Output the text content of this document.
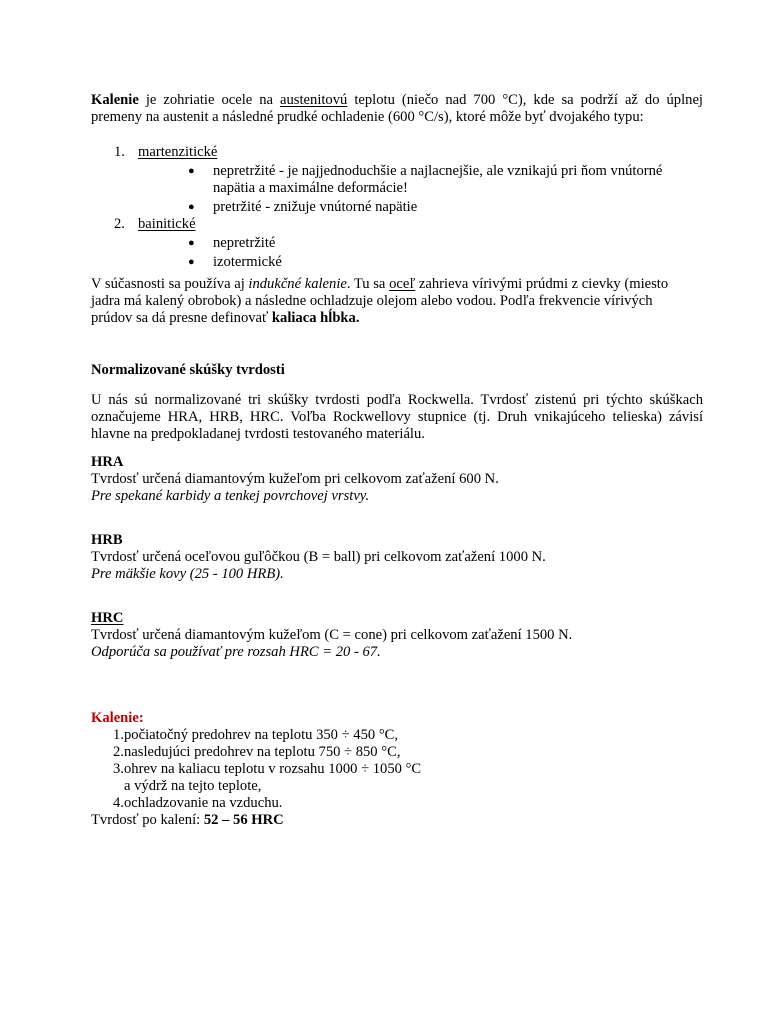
Kalenie je zohriatie ocele na austenitovú teplotu (niečo nad 700 °C), kde sa podrží až do úplnej premeny na austenit a následné prudké ochladenie (600 °C/s), ktoré môže byť dvojakého typu:
1. martenzitické
● nepretržité - je najjednoduchšie a najlacnejšie, ale vznikajú pri ňom vnútorné napätia a maximálne deformácie!
● pretržité - znižuje vnútorné napätie
2. bainitické
● nepretržité
● izotermické
V súčasnosti sa používa aj indukčné kalenie. Tu sa oceľ zahrieva vírivými prúdmi z cievky (miesto jadra má kalený obrobok) a následne ochladzuje olejom alebo vodou. Podľa frekvencie vírivých prúdov sa dá presne definovať kaliaca hĺbka.
Normalizované skúšky tvrdosti
U nás sú normalizované tri skúšky tvrdosti podľa Rockwella. Tvrdosť zistenú pri týchto skúškach označujeme HRA, HRB, HRC. Voľba Rockwellovy stupnice (tj. Druh vnikajúceho telieska) závisí hlavne na predpokladanej tvrdosti testovaného materiálu.
HRA
Tvrdosť určená diamantovým kužeľom pri celkovom zaťažení 600 N.
Pre spekané karbidy a tenkej povrchovej vrstvy.
HRB
Tvrdosť určená oceľovou guľôčkou (B = ball) pri celkovom zaťažení 1000 N.
Pre mäkšie kovy (25 - 100 HRB).
HRC
Tvrdosť určená diamantovým kužeľom (C = cone) pri celkovom zaťažení 1500 N.
Odporúča sa používať pre rozsah HRC = 20 - 67.
Kalenie:
1. počiatočný predohrev na teplotu 350 ÷ 450 °C,
2. nasledujúci predohrev na teplotu 750 ÷ 850 °C,
3. ohrev na kaliacu teplotu v rozsahu 1000 ÷ 1050 °C
a výdrž na tejto teplote,
4. ochladzovanie na vzduchu.
Tvrdosť po kalení: 52 – 56 HRC
